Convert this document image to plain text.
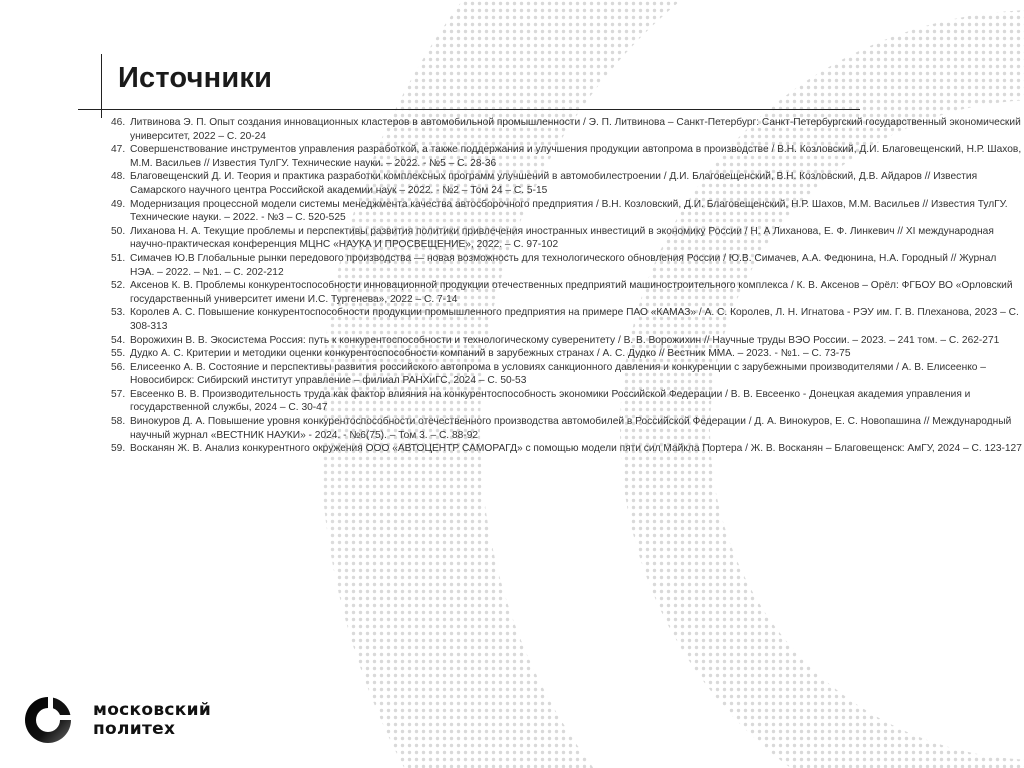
Источники
46. Литвинова Э. П. Опыт создания инновационных кластеров в автомобильной промышленности / Э. П. Литвинова – Санкт-Петербург: Санкт-Петербургский государственный экономический университет, 2022 – С. 20-24
47. Совершенствование инструментов управления разработкой, а также поддержания и улучшения продукции автопрома в производстве / В.Н. Козловский, Д.И. Благовещенский, Н.Р. Шахов, М.М. Васильев // Известия ТулГУ. Технические науки. – 2022. - №5 – С. 28-36
48. Благовещенский Д. И. Теория и практика разработки комплексных программ улучшений в автомобилестроении / Д.И. Благовещенский, В.Н. Козловский, Д.В. Айдаров // Известия Самарского научного центра Российской академии наук – 2022. - №2 – Том 24 – С. 5-15
49. Модернизация процессной модели системы менеджмента качества автосборочного предприятия / В.Н. Козловский, Д.И. Благовещенский, Н.Р. Шахов, М.М. Васильев // Известия ТулГУ. Технические науки. – 2022. - №3 – С. 520-525
50. Лиханова Н. А. Текущие проблемы и перспективы развития политики привлечения иностранных инвестиций в экономику России / Н. А Лиханова, Е. Ф. Линкевич // XI международная научно-практическая конференция МЦНС «НАУКА И ПРОСВЕЩЕНИЕ», 2022. – С. 97-102
51. Симачев Ю.В Глобальные рынки передового производства — новая возможность для технологического обновления России / Ю.В. Симачев, А.А. Федюнина, Н.А. Городный // Журнал НЭА. – 2022. – №1. – С. 202-212
52. Аксенов К. В. Проблемы конкурентоспособности инновационной продукции отечественных предприятий машиностроительного комплекса / К. В. Аксенов – Орёл: ФГБОУ ВО «Орловский государственный университет имени И.С. Тургенева», 2022 – С. 7-14
53. Королев А. С. Повышение конкурентоспособности продукции промышленного предприятия на примере ПАО «КАМАЗ» / А. С. Королев, Л. Н. Игнатова - РЭУ им. Г. В. Плеханова, 2023 – С. 308-313
54. Ворожихин В. В. Экосистема Россия: путь к конкурентоспособности и технологическому суверенитету / В. В. Ворожихин // Научные труды ВЭО России. – 2023. – 241 том. – С. 262-271
55. Дудко А. С. Критерии и методики оценки конкурентоспособности компаний в зарубежных странах / А. С. Дудко // Вестник ММА. – 2023. - №1. – С. 73-75
56. Елисеенко А. В. Состояние и перспективы развития российского автопрома в условиях санкционного давления и конкуренции с зарубежными производителями / А. В. Елисеенко – Новосибирск: Сибирский институт управление – филиал РАНХиГС, 2024 – С. 50-53
57. Евсеенко В. В. Производительность труда как фактор влияния на конкурентоспособность экономики Российской Федерации / В. В. Евсеенко - Донецкая академия управления и государственной службы, 2024 – С. 30-47
58. Винокуров Д. А. Повышение уровня конкурентоспособности отечественного производства автомобилей в Российской Федерации / Д. А. Винокуров, Е. С. Новопашина // Международный научный журнал «ВЕСТНИК НАУКИ» - 2024. - №6(75). – Том 3. – С. 88-92
59. Восканян Ж. В. Анализ конкурентного окружения ООО «АВТОЦЕНТР САМОРАГД» с помощью модели пяти сил Майкла Портера / Ж. В. Восканян – Благовещенск: АмГУ, 2024 – С. 123-127
московский
политех
